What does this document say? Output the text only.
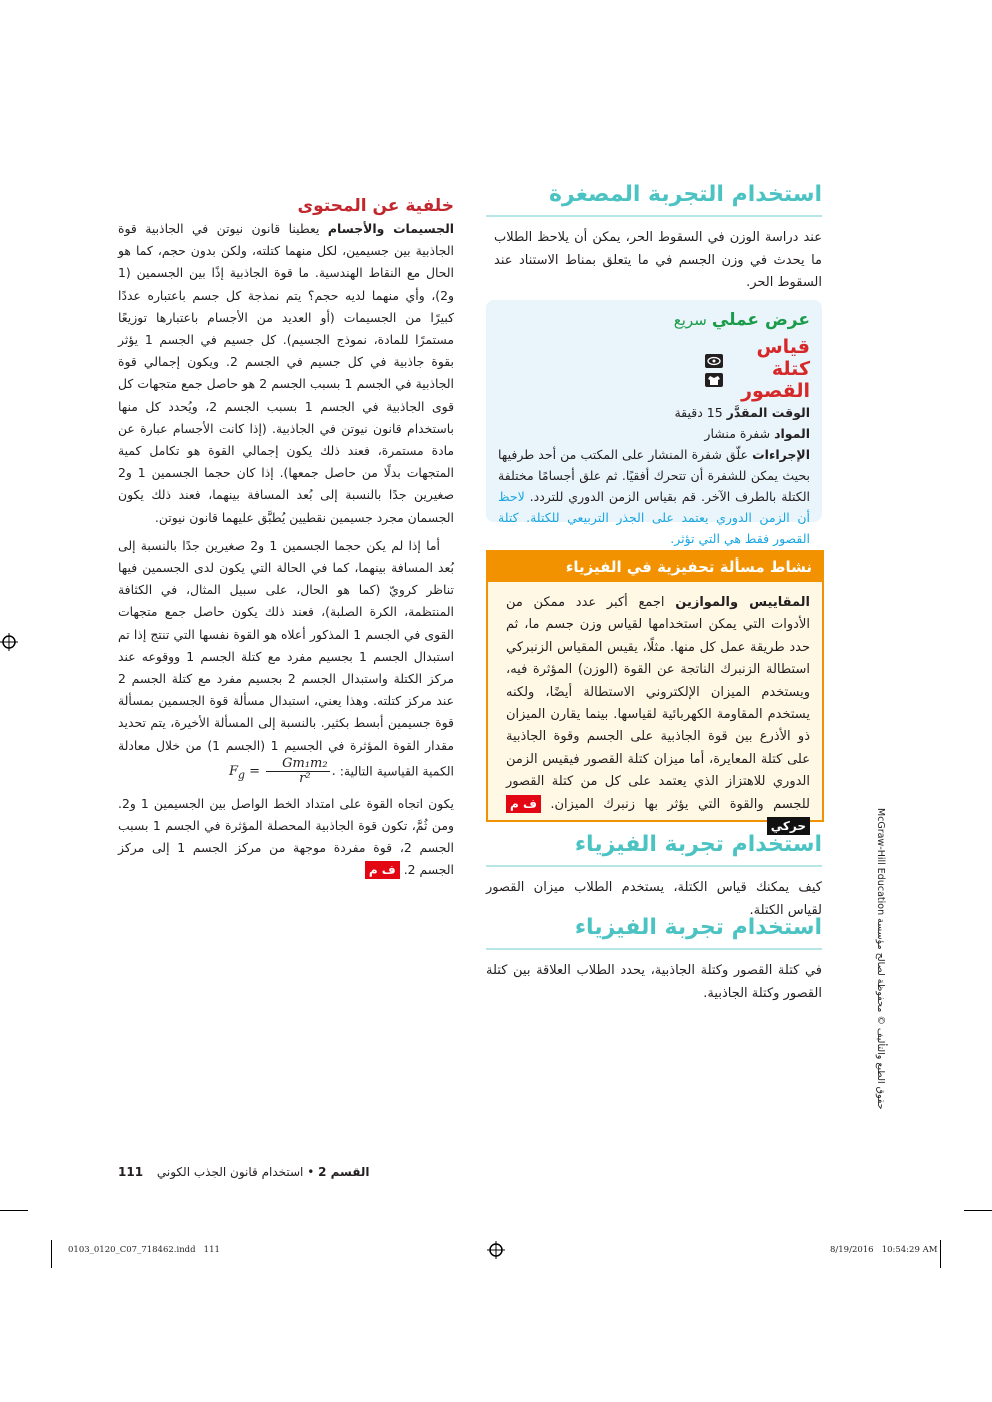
استخدام التجربة المصغرة
عند دراسة الوزن في السقوط الحر، يمكن أن يلاحظ الطلاب ما يحدث في وزن الجسم في ما يتعلق بمناط الاستناد عند السقوط الحر.
عرض عملي سريع
قياس كتلة القصور

الوقت المقدَّر 15 دقيقة
المواد شفرة منشار
الإجراءات علّق شفرة المنشار على المكتب من أحد طرفيها بحيث يمكن للشفرة أن تتحرك أفقيًا. ثم علق أجسامًا مختلفة الكتلة بالطرف الآخر. قم بقياس الزمن الدوري للتردد. لاحظ أن الزمن الدوري يعتمد على الجذر التربيعي للكتلة. كتلة القصور فقط هي التي تؤثر.
نشاط مسألة تحفيزية في الفيزياء
المقاييس والموازين اجمع أكبر عدد ممكن من الأدوات التي يمكن استخدامها لقياس وزن جسم ما، ثم حدد طريقة عمل كل منها. مثلًا، يقيس المقياس الزنبركي استطالة الزنبرك الناتجة عن القوة (الوزن) المؤثرة فيه، ويستخدم الميزان الإلكتروني الاستطالة أيضًا، ولكنه يستخدم المقاومة الكهربائية لقياسها. بينما يقارن الميزان ذو الأذرع بين قوة الجاذبية على الجسم وقوة الجاذبية على كتلة المعايرة، أما ميزان كتلة القصور فيقيس الزمن الدوري للاهتزاز الذي يعتمد على كل من كتلة القصور للجسم والقوة التي يؤثر بها زنبرك الميزان. ف محركي
استخدام تجربة الفيزياء
كيف يمكنك قياس الكتلة، يستخدم الطلاب ميزان القصور لقياس الكتلة.
استخدام تجربة الفيزياء
في كتلة القصور وكتلة الجاذبية، يحدد الطلاب العلاقة بين كتلة القصور وكتلة الجاذبية.
خلفية عن المحتوى
الجسيمات والأجسام يعطينا قانون نيوتن في الجاذبية قوة الجاذبية بين جسيمين، لكل منهما كتلته، ولكن بدون حجم، كما هو الحال مع النقاط الهندسية. ما قوة الجاذبية إذًا بين الجسمين (1 و2)، وأي منهما لديه حجم؟ يتم نمذجة كل جسم باعتباره عددًا كبيرًا من الجسيمات (أو العديد من الأجسام باعتبارها توزيعًا مستمرًا للمادة، نموذج الجسيم). كل جسيم في الجسم 1 يؤثر بقوة جاذبية في كل جسيم في الجسم 2. ويكون إجمالي قوة الجاذبية في الجسم 1 بسبب الجسم 2 هو حاصل جمع متجهات كل قوى الجاذبية في الجسم 1 بسبب الجسم 2، ويُحدد كل منها باستخدام قانون نيوتن في الجاذبية. (إذا كانت الأجسام عبارة عن مادة مستمرة، فعند ذلك يكون إجمالي القوة هو تكامل كمية المتجهات بدلًا من حاصل جمعها). إذا كان حجما الجسمين 1 و2 صغيرين جدًا بالنسبة إلى بُعد المسافة بينهما، فعند ذلك يكون الجسمان مجرد جسيمين نقطيين يُطبَّق عليهما قانون نيوتن.
أما إذا لم يكن حجما الجسمين 1 و2 صغيرين جدًا بالنسبة إلى بُعد المسافة بينهما، كما في الحالة التي يكون لدى الجسمين فيها تناظر كرويّ (كما هو الحال، على سبيل المثال، في الكثافة المنتظمة، الكرة الصلبة)، فعند ذلك يكون حاصل جمع متجهات القوى في الجسم 1 المذكور أعلاه هو القوة نفسها التي تنتج إذا تم استبدال الجسم 1 بجسيم مفرد مع كتلة الجسم 1 ووقوعه عند مركز الكتلة واستبدال الجسم 2 بجسيم مفرد مع كتلة الجسم 2 عند مركز كتلته. وهذا يعني، استبدال مسألة قوة الجسمين بمسألة قوة جسيمين أبسط بكثير. بالنسبة إلى المسألة الأخيرة، يتم تحديد مقدار القوة المؤثرة في الجسيم 1 (الجسم 1) من خلال معادلة الكمية القياسية التالية: $F_g = \frac{\text{Gm₁m₂}}{\text{r²}}$ .
يكون اتجاه القوة على امتداد الخط الواصل بين الجسيمين 1 و2. ومن ثُمَّ، تكون قوة الجاذبية المحصلة المؤثرة في الجسم 1 بسبب الجسم 2، قوة مفردة موجهة من مركز الجسم 1 إلى مركز الجسم 2. ف م	حقوق الطبع والتأليف © محفوظة لصالح مؤسسة McGraw-Hill Education
111	القسم 2 • استخدام قانون الجذب الكوني
0103_0120_C07_718462.indd   111	8/19/2016   10:54:29 AM
